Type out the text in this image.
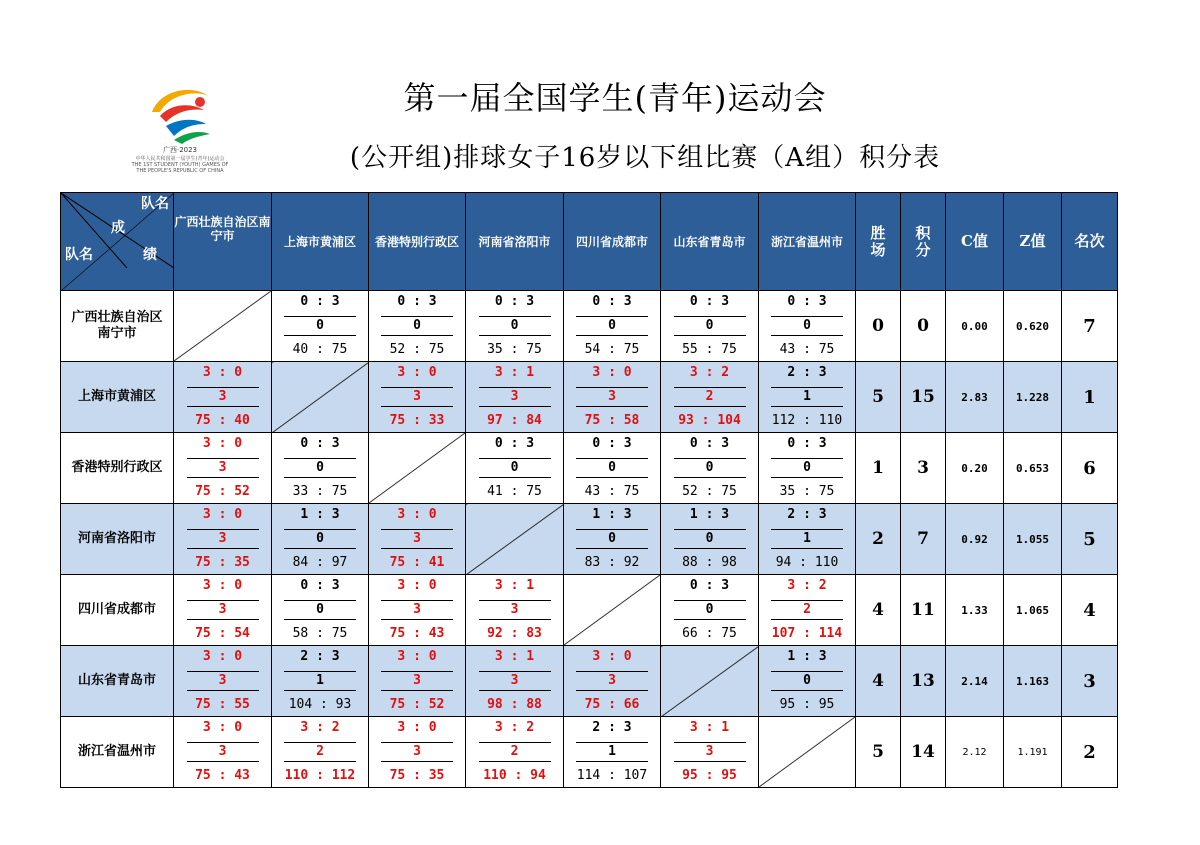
广西·2023
中华人民共和国第一届学生(青年)运动会
THE 1ST STUDENT (YOUTH) GAMES OF THE PEOPLE'S REPUBLIC OF CHINA
第一届全国学生(青年)运动会
(公开组)排球女子16岁以下组比赛（A组）积分表
队名
成
绩
队名	广西壮族自治区南宁市	上海市黄浦区	香港特别行政区	河南省洛阳市	四川省成都市	山东省青岛市	浙江省温州市	胜场	积分	C值	Z值	名次
广西壮族自治区
南宁市		0 : 3
0
40 : 75	0 : 3
0
52 : 75	0 : 3
0
35 : 75	0 : 3
0
54 : 75	0 : 3
0
55 : 75	0 : 3
0
43 : 75	0	0	0.00	0.620	7
上海市黄浦区	3 : 0
3
75 : 40		3 : 0
3
75 : 33	3 : 1
3
97 : 84	3 : 0
3
75 : 58	3 : 2
2
93 : 104	2 : 3
1
112 : 110	5	15	2.83	1.228	1
香港特别行政区	3 : 0
3
75 : 52	0 : 3
0
33 : 75		0 : 3
0
41 : 75	0 : 3
0
43 : 75	0 : 3
0
52 : 75	0 : 3
0
35 : 75	1	3	0.20	0.653	6
河南省洛阳市	3 : 0
3
75 : 35	1 : 3
0
84 : 97	3 : 0
3
75 : 41		1 : 3
0
83 : 92	1 : 3
0
88 : 98	2 : 3
1
94 : 110	2	7	0.92	1.055	5
四川省成都市	3 : 0
3
75 : 54	0 : 3
0
58 : 75	3 : 0
3
75 : 43	3 : 1
3
92 : 83		0 : 3
0
66 : 75	3 : 2
2
107 : 114	4	11	1.33	1.065	4
山东省青岛市	3 : 0
3
75 : 55	2 : 3
1
104 : 93	3 : 0
3
75 : 52	3 : 1
3
98 : 88	3 : 0
3
75 : 66		1 : 3
0
95 : 95	4	13	2.14	1.163	3
浙江省温州市	3 : 0
3
75 : 43	3 : 2
2
110 : 112	3 : 0
3
75 : 35	3 : 2
2
110 : 94	2 : 3
1
114 : 107	3 : 1
3
95 : 95		5	14	2.12	1.191	2
